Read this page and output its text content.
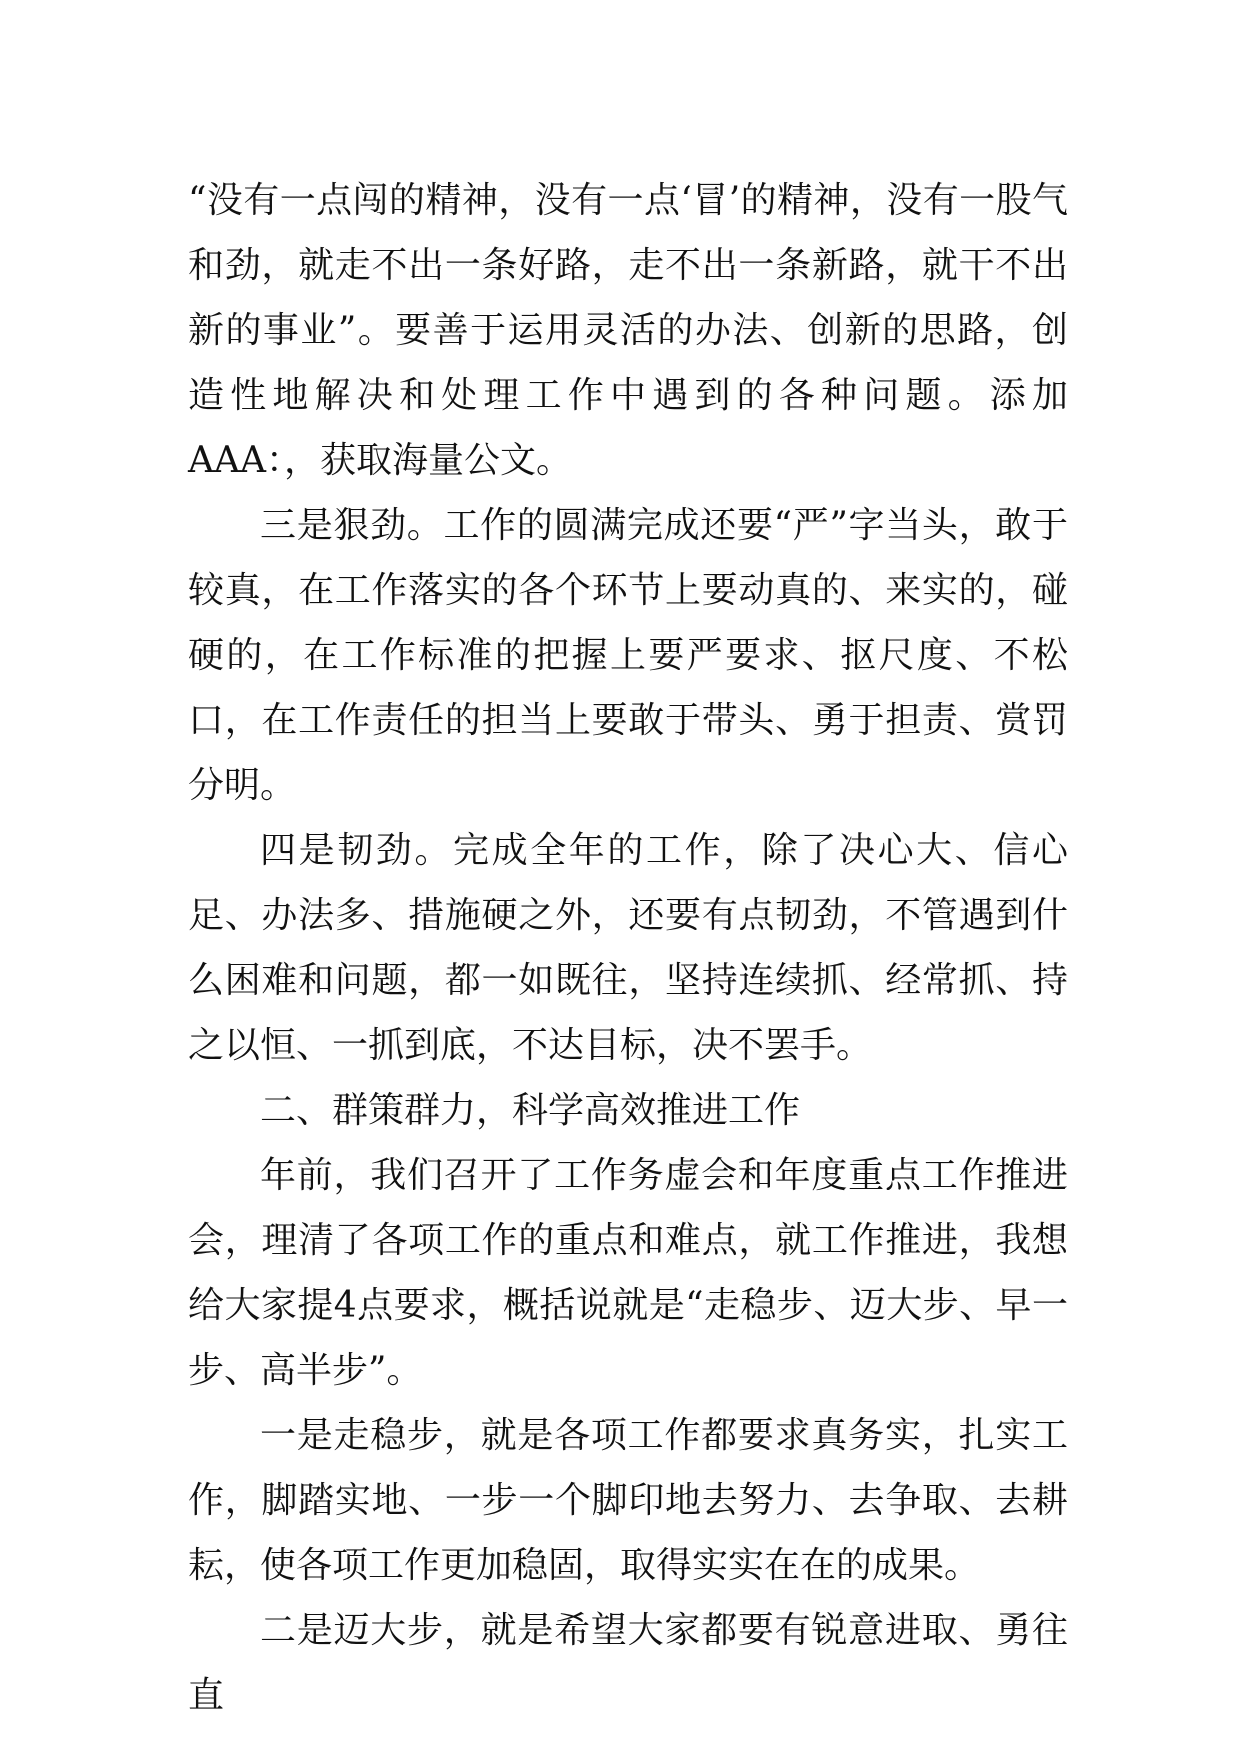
“没有一点闯的精神，没有一点‘冒’的精神，没有一股气和劲，就走不出一条好路，走不出一条新路，就干不出新的事业”。要善于运用灵活的办法、创新的思路，创造性地解决和处理工作中遇到的各种问题。添加AAA：，获取海量公文。

三是狠劲。工作的圆满完成还要“严”字当头，敢于较真，在工作落实的各个环节上要动真的、来实的，碰硬的，在工作标准的把握上要严要求、抠尺度、不松口，在工作责任的担当上要敢于带头、勇于担责、赏罚分明。

四是韧劲。完成全年的工作，除了决心大、信心足、办法多、措施硬之外，还要有点韧劲，不管遇到什么困难和问题，都一如既往，坚持连续抓、经常抓、持之以恒、一抓到底，不达目标，决不罢手。

二、群策群力，科学高效推进工作

年前，我们召开了工作务虚会和年度重点工作推进会，理清了各项工作的重点和难点，就工作推进，我想给大家提4点要求，概括说就是“走稳步、迈大步、早一步、高半步”。

一是走稳步，就是各项工作都要求真务实，扎实工作，脚踏实地、一步一个脚印地去努力、去争取、去耕耘，使各项工作更加稳固，取得实实在在的成果。

二是迈大步，就是希望大家都要有锐意进取、勇往直
